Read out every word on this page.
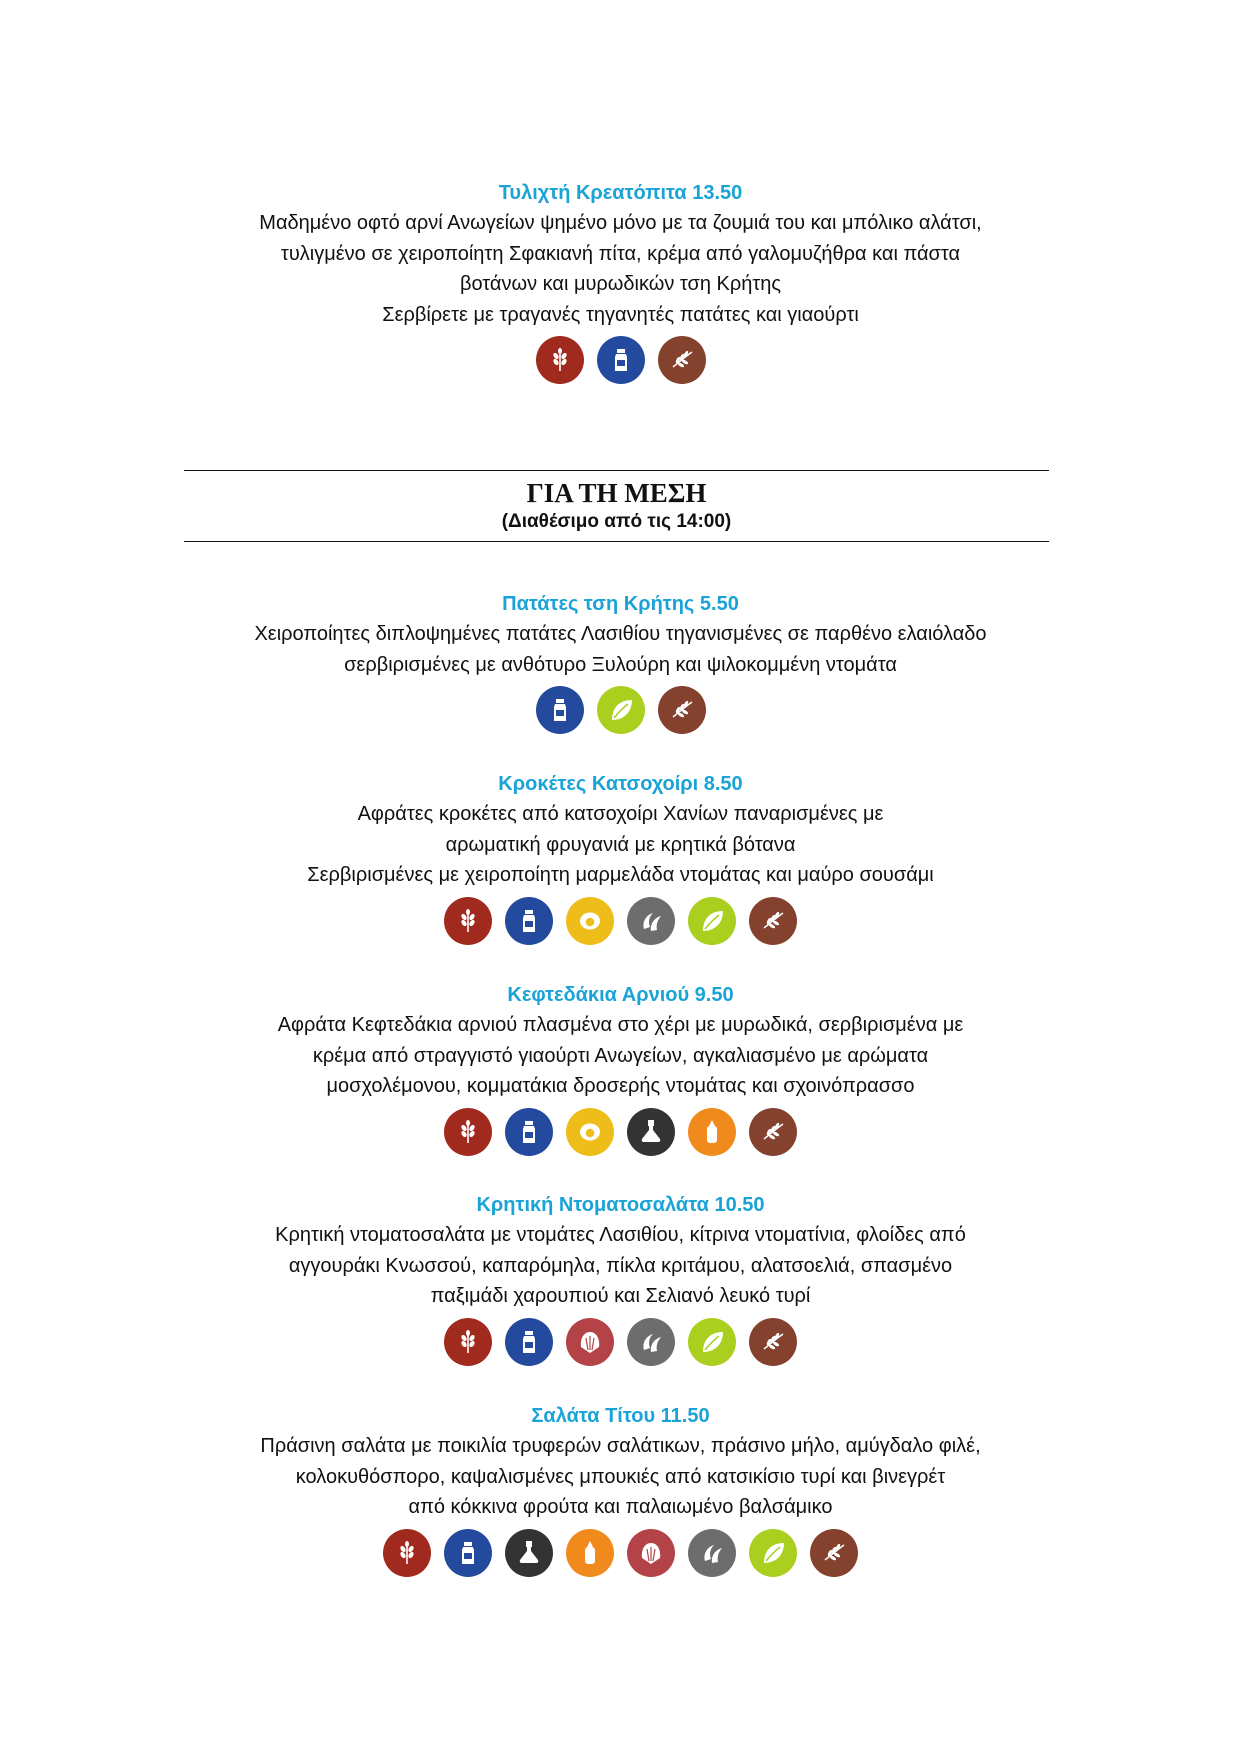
Τυλιχτή Κρεατόπιτα 13.50
Μαδημένο οφτό αρνί Ανωγείων ψημένο μόνο με τα ζουμιά του και μπόλικο αλάτσι,
τυλιγμένο σε χειροποίητη Σφακιανή πίτα, κρέμα από γαλομυζήθρα και πάστα
βοτάνων και μυρωδικών τση Κρήτης
Σερβίρετε με τραγανές τηγανητές πατάτες και γιαούρτι
ΓΙΑ ΤΗ ΜΕΣΗ
(Διαθέσιμο από τις 14:00)
Πατάτες τση Κρήτης 5.50
Χειροποίητες διπλοψημένες πατάτες Λασιθίου τηγανισμένες σε παρθένο ελαιόλαδο
σερβιρισμένες με ανθότυρο Ξυλούρη και ψιλοκομμένη ντομάτα
Κροκέτες Κατσοχοίρι 8.50
Αφράτες κροκέτες από κατσοχοίρι Χανίων παναρισμένες με
αρωματική φρυγανιά με κρητικά βότανα
Σερβιρισμένες με χειροποίητη μαρμελάδα ντομάτας και μαύρο σουσάμι
Κεφτεδάκια Αρνιού 9.50
Αφράτα Κεφτεδάκια αρνιού πλασμένα στο χέρι με μυρωδικά, σερβιρισμένα με
κρέμα από στραγγιστό γιαούρτι Ανωγείων, αγκαλιασμένο με αρώματα
μοσχολέμονου, κομματάκια δροσερής ντομάτας και σχοινόπρασσο
Κρητική Ντοματοσαλάτα 10.50
Κρητική ντοματοσαλάτα με ντομάτες Λασιθίου, κίτρινα ντοματίνια, φλοίδες από
αγγουράκι Κνωσσού, καπαρόμηλα, πίκλα κριτάμου, αλατσοελιά, σπασμένο
παξιμάδι χαρουπιού και Σελιανό λευκό τυρί
Σαλάτα Τίτου 11.50
Πράσινη σαλάτα με ποικιλία τρυφερών σαλάτικων, πράσινο μήλο, αμύγδαλο φιλέ,
κολοκυθόσπορο, καψαλισμένες μπουκιές από κατσικίσιο τυρί και βινεγρέτ
από κόκκινα φρούτα και παλαιωμένο βαλσάμικο
